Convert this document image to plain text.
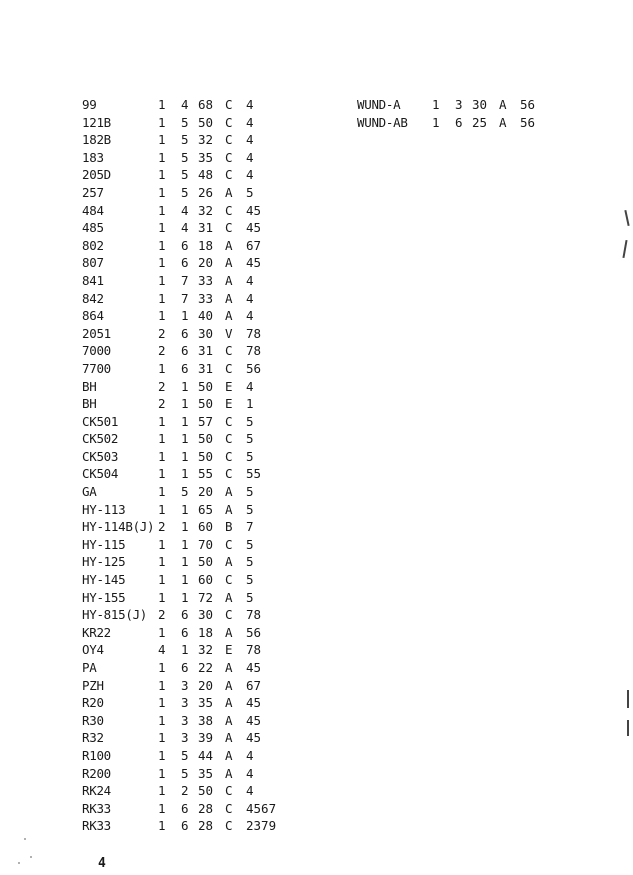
99	1	4 68 C	4
121B	1	5 50 C	4
182B	1	5 32 C	4
183	1	5 35 C	4
205D	1	5 48 C	4
257	1	5 26 A	5
484	1	4 32 C	45
485	1	4 31 C	45
802	1	6 18 A	67
807	1	6 20 A	45
841	1	7 33 A	4
842	1	7 33 A	4
864	1	1 40 A	4
2051	2	6 30 V	78
7000	2	6 31 C	78
7700	1	6 31 C	56
BH	2	1 50 E	4
BH	2	1 50 E	1
CK501	1	1 57 C	5
CK502	1	1 50 C	5
CK503	1	1 50 C	5
CK504	1	1 55 C	55
GA	1	5 20 A	5
HY-113	1	1 65 A	5
HY-114B(J) 2	1 60 B	7
HY-115	1	1 70 C	5
HY-125	1	1 50 A	5
HY-145	1	1 60 C	5
HY-155	1	1 72 A	5
HY-815(J) 2	6 30 C	78
KR22	1	6 18 A	56
OY4	4	1 32 E	78
PA	1	6 22 A	45
PZH	1	3 20 A	67
R20	1	3 35 A	45
R30	1	3 38 A	45
R32	1	3 39 A	45
R100	1	5 44 A	4
R200	1	5 35 A	4
RK24	1	2 50 C	4
RK33	1	6 28 C	4567
RK33	1	6 28 C	2379
WUND-A	1	3 30 A	56
WUND-AB	1	6 25 A	56
4
